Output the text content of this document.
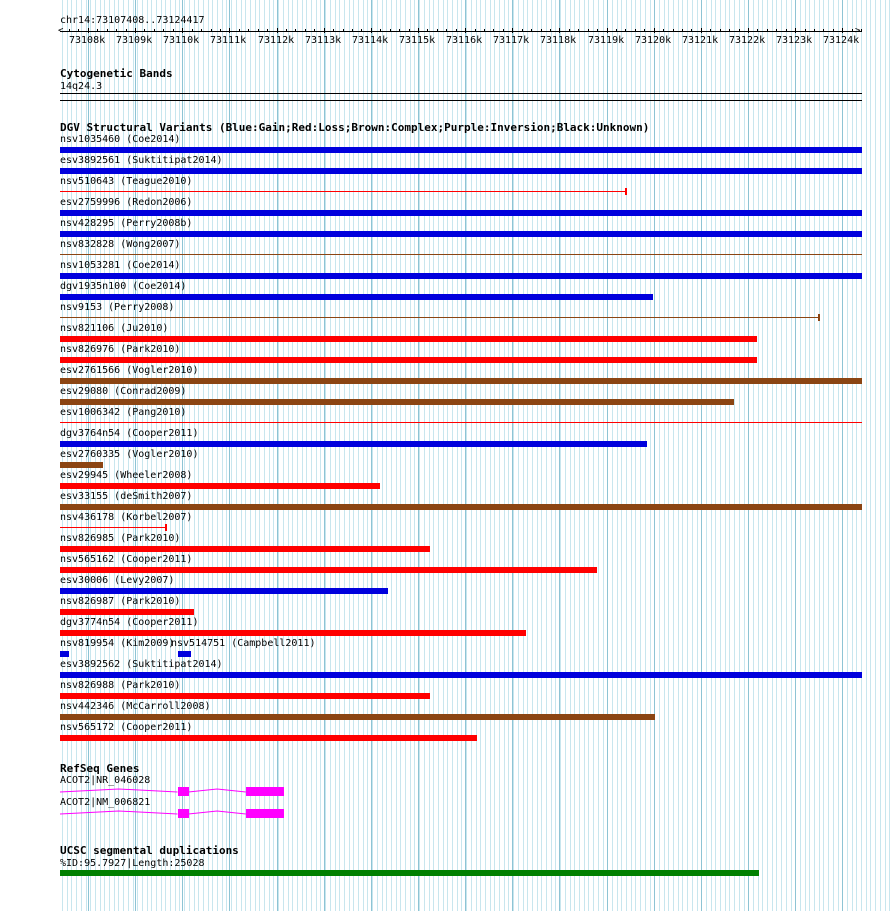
chr14:73107408..73124417
<	>
73108k 73109k 73110k 73111k 73112k 73113k 73114k 73115k 73116k 73117k 73118k 73119k 73120k 73121k 73122k 73123k 73124k
Cytogenetic Bands
14q24.3
DGV Structural Variants (Blue:Gain;Red:Loss;Brown:Complex;Purple:Inversion;Black:Unknown)
nsv1035460 (Coe2014)
esv3892561 (Suktitipat2014)
nsv510643 (Teague2010)
esv2759996 (Redon2006)
nsv428295 (Perry2008b)
nsv832828 (Wong2007)
nsv1053281 (Coe2014)
dgv1935n100 (Coe2014)
nsv9153 (Perry2008)
nsv821106 (Ju2010)
nsv826976 (Park2010)
esv2761566 (Vogler2010)
esv29080 (Conrad2009)
esv1006342 (Pang2010)
dgv3764n54 (Cooper2011)
esv2760335 (Vogler2010)
esv29945 (Wheeler2008)
esv33155 (deSmith2007)
nsv436178 (Korbel2007)
nsv826985 (Park2010)
nsv565162 (Cooper2011)
esv30006 (Levy2007)
nsv826987 (Park2010)
dgv3774n54 (Cooper2011)
nsv819954 (Kim2009)
nsv514751 (Campbell2011)
esv3892562 (Suktitipat2014)
nsv826988 (Park2010)
nsv442346 (McCarroll2008)
nsv565172 (Cooper2011)
RefSeq Genes
ACOT2|NR_046028
ACOT2|NM_006821
UCSC segmental duplications
%ID:95.7927|Length:25028
